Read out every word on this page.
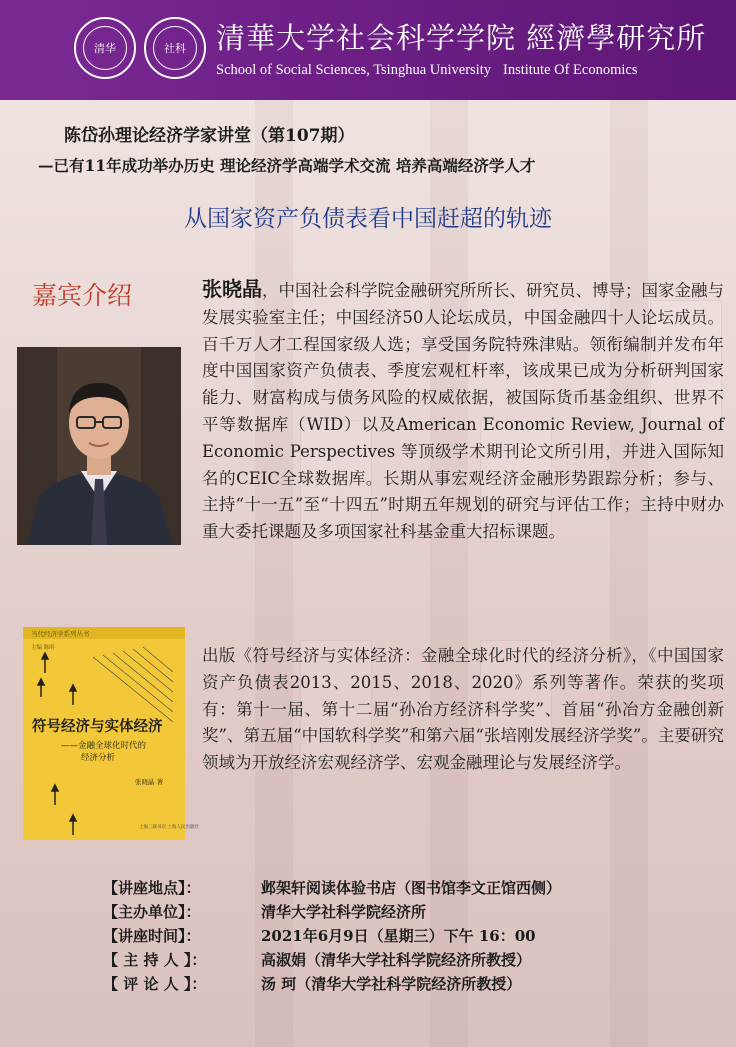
清华	社科	清華大学社会科学学院 經濟學研究所
School of Social Sciences, Tsinghua University Institute Of Economics
陈岱孙理论经济学家讲堂（第107期）
—已有11年成功举办历史 理论经济学高端学术交流 培养高端经济学人才
从国家资产负债表看中国赶超的轨迹
嘉宾介绍
当代经济学系列丛书
主编 陈昕
符号经济与实体经济
——金融全球化时代的
经济分析
张晓晶 著
上海三联书店 上海人民出版社
张晓晶，中国社会科学院金融研究所所长、研究员、博导；国家金融与发展实验室主任；中国经济50人论坛成员，中国金融四十人论坛成员。百千万人才工程国家级人选；享受国务院特殊津贴。领衔编制并发布年度中国国家资产负债表、季度宏观杠杆率，该成果已成为分析研判国家能力、财富构成与债务风险的权威依据，被国际货币基金组织、世界不平等数据库（WID）以及American Economic Review, Journal of Economic Perspectives 等顶级学术期刊论文所引用，并进入国际知名的CEIC全球数据库。长期从事宏观经济金融形势跟踪分析；参与、主持“十一五”至“十四五”时期五年规划的研究与评估工作；主持中财办重大委托课题及多项国家社科基金重大招标课题。
出版《符号经济与实体经济：金融全球化时代的经济分析》，《中国国家资产负债表2013、2015、2018、2020》系列等著作。荣获的奖项有：第十一届、第十二届“孙冶方经济科学奖”、首届“孙冶方金融创新奖”、第五届“中国软科学奖”和第六届“张培刚发展经济学奖”。主要研究领域为开放经济宏观经济学、宏观金融理论与发展经济学。
【讲座地点】：	邺架轩阅读体验书店（图书馆李文正馆西侧）
【主办单位】：	清华大学社科学院经济所
【讲座时间】：	2021年6月9日（星期三）下午 16：00
【 主 持 人 】：	高淑娟（清华大学社科学院经济所教授）
【 评 论 人 】：	汤 珂（清华大学社科学院经济所教授）
